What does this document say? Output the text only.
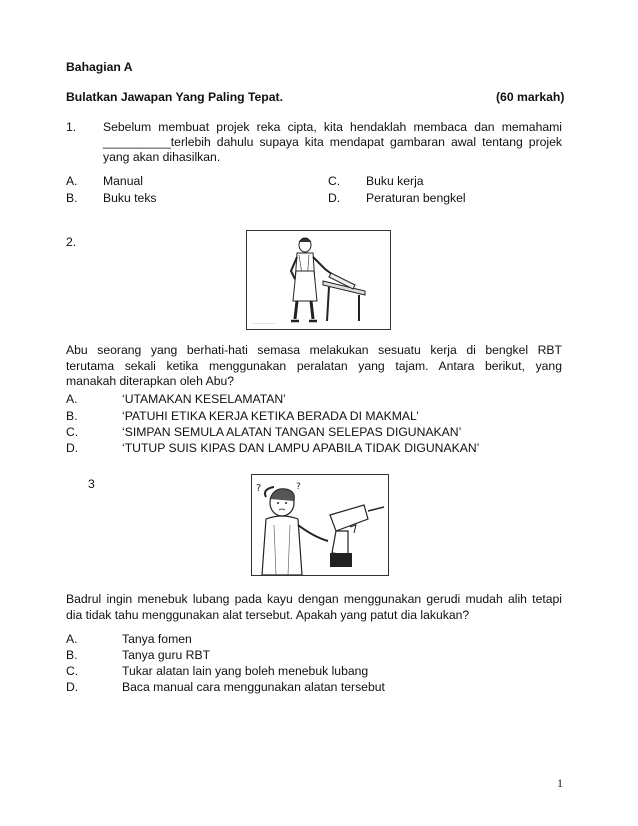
Bahagian A
Bulatkan Jawapan Yang Paling Tepat.	(60 markah)
1. Sebelum membuat projek reka cipta, kita hendaklah membaca dan memahami
__________terlebih dahulu supaya kita mendapat gambaran awal tentang projek
yang akan dihasilkan.
A. Manual
B. Buku teks
C. Buku kerja
D. Peraturan bengkel
2.
___________
Abu seorang yang berhati-hati semasa melakukan sesuatu kerja di bengkel RBT
terutama sekali ketika menggunakan peralatan yang tajam. Antara berikut, yang
manakah diterapkan oleh Abu?
A.	‘UTAMAKAN KESELAMATAN’
B.	‘PATUHI ETIKA KERJA KETIKA BERADA DI MAKMAL’
C.	‘SIMPAN SEMULA ALATAN TANGAN SELEPAS DIGUNAKAN’
D.	‘TUTUP SUIS KIPAS DAN LAMPU APABILA TIDAK DIGUNAKAN’
3	?	?
Badrul ingin menebuk lubang pada kayu dengan menggunakan gerudi mudah alih tetapi
dia tidak tahu menggunakan alat tersebut. Apakah yang patut dia lakukan?
A.	Tanya fomen
B.	Tanya guru RBT
C.	Tukar alatan lain yang boleh menebuk lubang
D.	Baca manual cara menggunakan alatan tersebut
1
